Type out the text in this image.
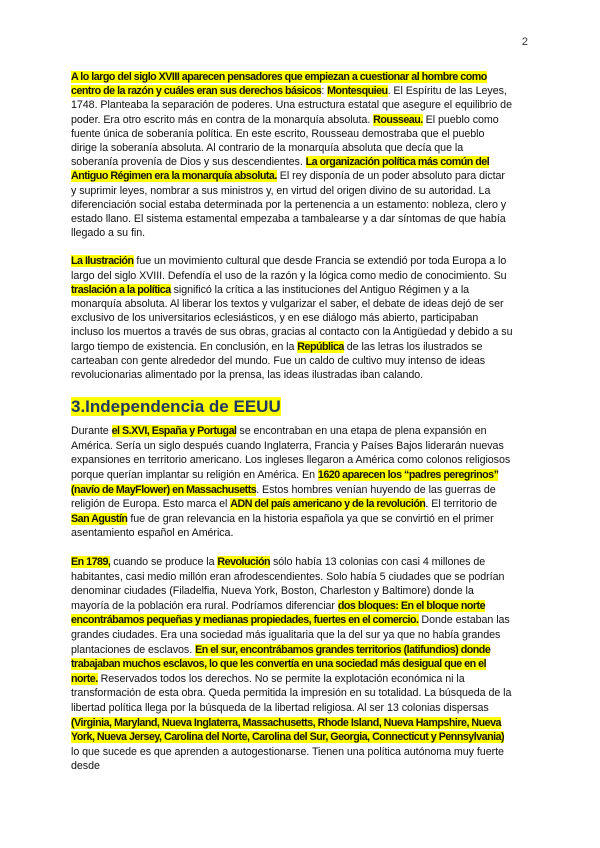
2

A lo largo del siglo XVIII aparecen pensadores que empiezan a cuestionar al hombre como centro de la razón y cuáles eran sus derechos básicos: Montesquieu. El Espíritu de las Leyes, 1748. Planteaba la separación de poderes. Una estructura estatal que asegure el equilibrio de poder. Era otro escrito más en contra de la monarquía absoluta. Rousseau. El pueblo como fuente única de soberanía política. En este escrito, Rousseau demostraba que el pueblo dirige la soberanía absoluta. Al contrario de la monarquía absoluta que decía que la soberanía provenía de Dios y sus descendientes. La organización política más común del Antiguo Régimen era la monarquía absoluta. El rey disponía de un poder absoluto para dictar y suprimir leyes, nombrar a sus ministros y, en virtud del origen divino de su autoridad. La diferenciación social estaba determinada por la pertenencia a un estamento: nobleza, clero y estado llano. El sistema estamental empezaba a tambalearse y a dar síntomas de que había llegado a su fin.

La Ilustración fue un movimiento cultural que desde Francia se extendió por toda Europa a lo largo del siglo XVIII. Defendía el uso de la razón y la lógica como medio de conocimiento. Su traslación a la política significó la crítica a las instituciones del Antiguo Régimen y a la monarquía absoluta. Al liberar los textos y vulgarizar el saber, el debate de ideas dejó de ser exclusivo de los universitarios eclesiásticos, y en ese diálogo más abierto, participaban incluso los muertos a través de sus obras, gracias al contacto con la Antigüedad y debido a su largo tiempo de existencia. En conclusión, en la República de las letras los ilustrados se carteaban con gente alrededor del mundo. Fue un caldo de cultivo muy intenso de ideas revolucionarias alimentado por la prensa, las ideas ilustradas iban calando.

3.Independencia de EEUU

Durante el S.XVI, España y Portugal se encontraban en una etapa de plena expansión en América. Sería un siglo después cuando Inglaterra, Francia y Países Bajos liderarán nuevas expansiones en territorio americano. Los ingleses llegaron a América como colonos religiosos porque querían implantar su religión en América. En 1620 aparecen los “padres peregrinos” (navío de MayFlower) en Massachusetts. Estos hombres venían huyendo de las guerras de religión de Europa. Esto marca el ADN del país americano y de la revolución. El territorio de San Agustín fue de gran relevancia en la historia española ya que se convirtió en el primer asentamiento español en América.

En 1789, cuando se produce la Revolución sólo había 13 colonias con casi 4 millones de habitantes, casi medio millón eran afrodescendientes. Solo había 5 ciudades que se podrían denominar ciudades (Filadelfia, Nueva York, Boston, Charleston y Baltimore) donde la mayoría de la población era rural. Podríamos diferenciar dos bloques: En el bloque norte encontrábamos pequeñas y medianas propiedades, fuertes en el comercio. Donde estaban las grandes ciudades. Era una sociedad más igualitaria que la del sur ya que no había grandes plantaciones de esclavos. En el sur, encontrábamos grandes territorios (latifundios) donde trabajaban muchos esclavos, lo que les convertía en una sociedad más desigual que en el norte. Reservados todos los derechos. No se permite la explotación económica ni la transformación de esta obra. Queda permitida la impresión en su totalidad. La búsqueda de la libertad política llega por la búsqueda de la libertad religiosa. Al ser 13 colonias dispersas (Virginia, Maryland, Nueva Inglaterra, Massachusetts, Rhode Island, Nueva Hampshire, Nueva York, Nueva Jersey, Carolina del Norte, Carolina del Sur, Georgia, Connecticut y Pennsylvania) lo que sucede es que aprenden a autogestionarse. Tienen una política autónoma muy fuerte desde
